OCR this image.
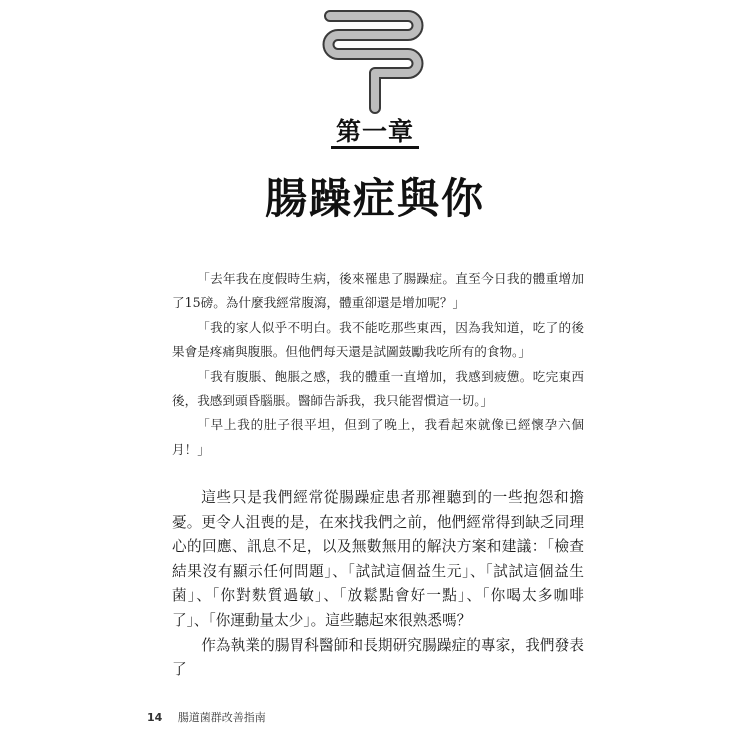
第一章
腸躁症與你

「去年我在度假時生病，後來罹患了腸躁症。直至今日我的體重增加了15磅。為什麼我經常腹瀉，體重卻還是增加呢？」

「我的家人似乎不明白。我不能吃那些東西，因為我知道，吃了的後果會是疼痛與腹脹。但他們每天還是試圖鼓勵我吃所有的食物。」

「我有腹脹、飽脹之感，我的體重一直增加，我感到疲憊。吃完東西後，我感到頭昏腦脹。醫師告訴我，我只能習慣這一切。」

「早上我的肚子很平坦，但到了晚上，我看起來就像已經懷孕六個月！」

這些只是我們經常從腸躁症患者那裡聽到的一些抱怨和擔憂。更令人沮喪的是，在來找我們之前，他們經常得到缺乏同理心的回應、訊息不足，以及無數無用的解決方案和建議：「檢查結果沒有顯示任何問題」、「試試這個益生元」、「試試這個益生菌」、「你對麩質過敏」、「放鬆點會好一點」、「你喝太多咖啡了」、「你運動量太少」。這些聽起來很熟悉嗎？

作為執業的腸胃科醫師和長期研究腸躁症的專家，我們發表了

14 腸道菌群改善指南
